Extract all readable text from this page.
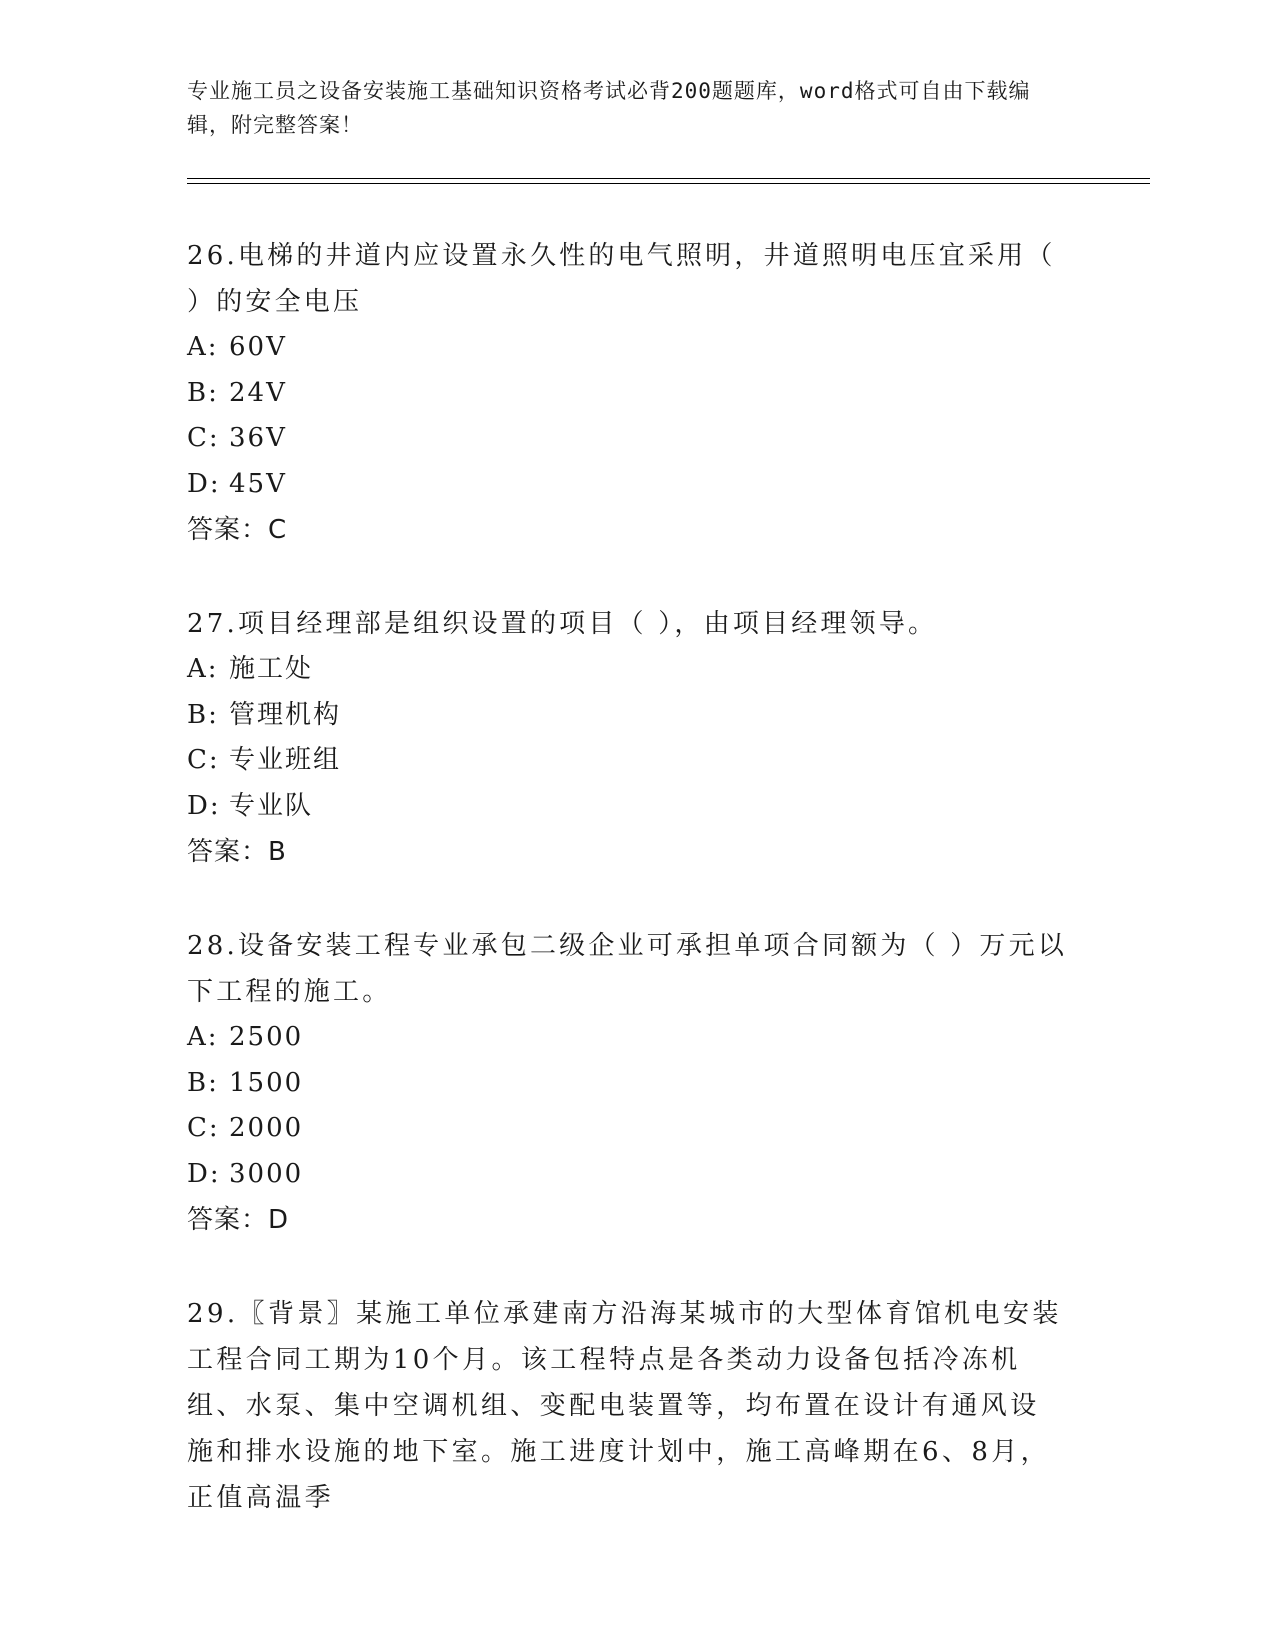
专业施工员之设备安装施工基础知识资格考试必背200题题库，word格式可自由下载编辑，附完整答案！
26.电梯的井道内应设置永久性的电气照明，井道照明电压宜采用（ ）的安全电压
A: 60V
B: 24V
C: 36V
D: 45V
答案：C
27.项目经理部是组织设置的项目（ ），由项目经理领导。
A: 施工处
B: 管理机构
C: 专业班组
D: 专业队
答案：B
28.设备安装工程专业承包二级企业可承担单项合同额为（ ）万元以下工程的施工。
A: 2500
B: 1500
C: 2000
D: 3000
答案：D
29.〖背景〗某施工单位承建南方沿海某城市的大型体育馆机电安装工程合同工期为10个月。该工程特点是各类动力设备包括冷冻机组、水泵、集中空调机组、变配电装置等，均布置在设计有通风设施和排水设施的地下室。施工进度计划中，施工高峰期在6、8月，正值高温季
